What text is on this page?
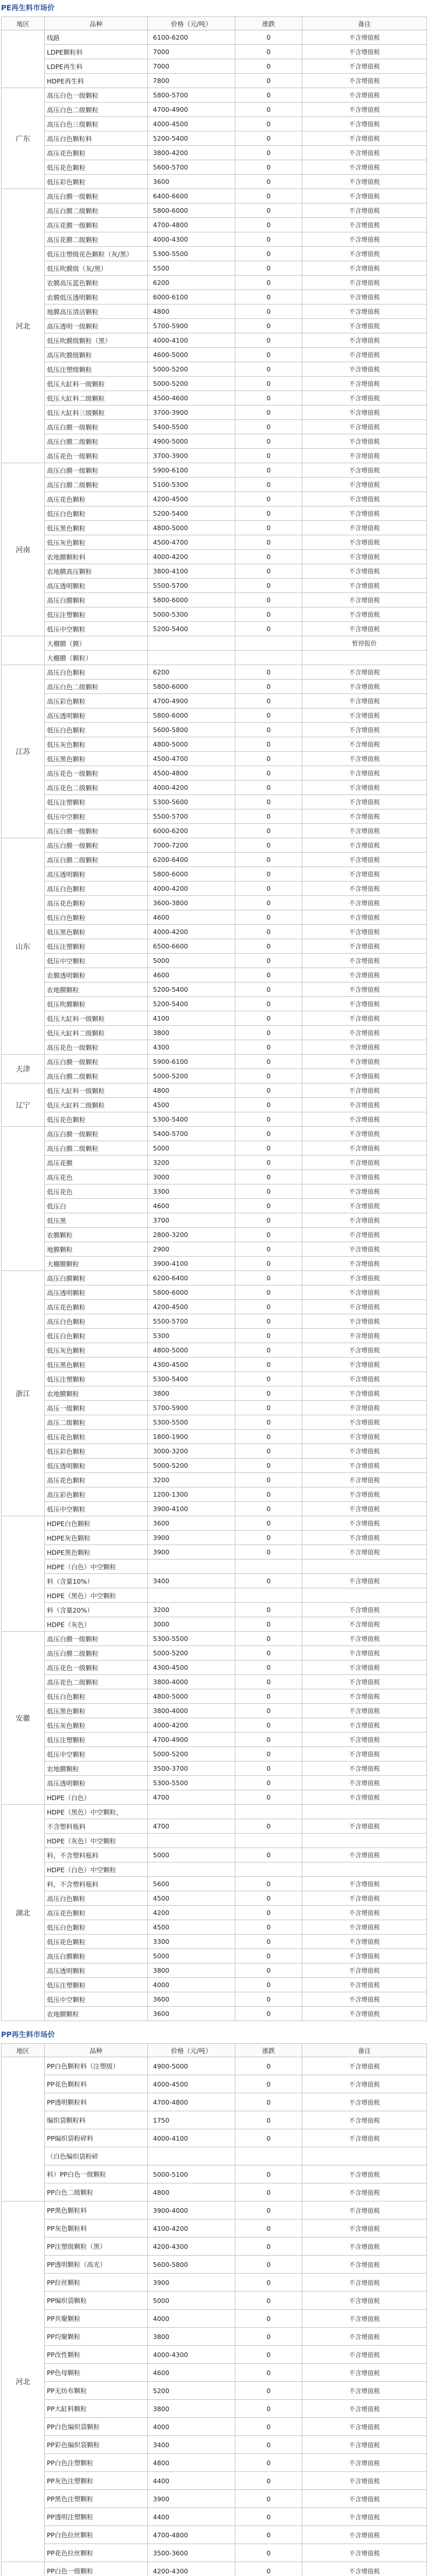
PE再生料市场价
地区	品种	价格（元/吨）	涨跌	备注
	线路	6100-6200	0	不含增值税
	LDPE颗粒料	7000	0	不含增值税
	LDPE再生料	7000	0	不含增值税
	HDPE再生料	7800	0	不含增值税
广东	高压白色一级颗粒	5800-5700	0	不含增值税
	高压白色二级颗粒	4700-4900	0	不含增值税
	高压白色三级颗粒	4000-4500	0	不含增值税
	高压白色颗粒料	5200-5400	0	不含增值税
	高压花色颗粒	3800-4200	0	不含增值税
	低压花色颗粒	5600-5700	0	不含增值税
	低压彩色颗粒	3600	0	不含增值税
河北	高压白膜一级颗粒	6400-6600	0	不含增值税
	高压白膜二级颗粒	5800-6000	0	不含增值税
	高压花膜一级颗粒	4700-4800	0	不含增值税
	高压花膜二级颗粒	4000-4300	0	不含增值税
	低压注塑级花色颗粒（灰/黑）	5300-5500	0	不含增值税
	低压吹膜级（灰/黑）	5500	0	不含增值税
	农膜高压蓝色颗粒	6200	0	不含增值税
	农膜低压透明颗粒	6000-6100	0	不含增值税
	地膜高压清洁颗粒	4800	0	不含增值税
	高压透明一级颗粒	5700-5900	0	不含增值税
	低压吹膜级颗粒（黑）	4000-4100	0	不含增值税
	高压吹膜级颗粒	4600-5000	0	不含增值税
	低压注塑级颗粒	5000-5200	0	不含增值税
	低压大缸料一级颗粒	5000-5200	0	不含增值税
	低压大缸料二级颗粒	4500-4600	0	不含增值税
	低压大缸料三级颗粒	3700-3900	0	不含增值税
	高压白膜一级颗粒	5400-5500	0	不含增值税
	高压白膜二级颗粒	4900-5000	0	不含增值税
	高压花色一级颗粒	3700-3900	0	不含增值税
河南	高压白膜一级颗粒	5900-6100	0	不含增值税
	高压白膜二级颗粒	5100-5300	0	不含增值税
	高压花色颗粒	4200-4500	0	不含增值税
	低压白色颗粒	5200-5400	0	不含增值税
	低压黑色颗粒	4800-5000	0	不含增值税
	低压灰色颗粒	4500-4700	0	不含增值税
	农地膜颗粒料	4000-4200	0	不含增值税
	农地膜高压颗粒	3800-4100	0	不含增值税
	高压透明颗粒	5500-5700	0	不含增值税
	高压白膜颗粒	5800-6000	0	不含增值税
	低压注塑颗粒	5000-5300	0	不含增值税
	低压中空颗粒	5200-5400	0	不含增值税
	大棚膜（膜）			暂停报价
	大棚膜（颗粒）			
江苏	高压白色颗粒	6200	0	不含增值税
	高压白色二级颗粒	5800-6000	0	不含增值税
	高压彩色颗粒	4700-4900	0	不含增值税
	高压透明颗粒	5800-6000	0	不含增值税
	低压白色颗粒	5600-5800	0	不含增值税
	低压灰色颗粒	4800-5000	0	不含增值税
	低压黑色颗粒	4500-4700	0	不含增值税
	高压花色一级颗粒	4500-4800	0	不含增值税
	高压花色二级颗粒	4000-4200	0	不含增值税
	低压注塑颗粒	5300-5600	0	不含增值税
	低压中空颗粒	5500-5700	0	不含增值税
	高压白膜一级颗粒	6000-6200	0	不含增值税
山东	高压白膜一级颗粒	7000-7200	0	不含增值税
	高压白膜二级颗粒	6200-6400	0	不含增值税
	高压透明颗粒	5800-6000	0	不含增值税
	高压白色颗粒	4000-4200	0	不含增值税
	高压花色颗粒	3600-3800	0	不含增值税
	低压白色颗粒	4600	0	不含增值税
	低压黑色颗粒	4000-4200	0	不含增值税
	低压注塑颗粒	6500-6600	0	不含增值税
	低压中空颗粒	5000	0	不含增值税
	农膜透明颗粒	4600	0	不含增值税
	农地膜颗粒	5200-5400	0	不含增值税
	低压吹膜颗粒	5200-5400	0	不含增值税
	低压大缸料一级颗粒	4100	0	不含增值税
	低压大缸料二级颗粒	3800	0	不含增值税
	高压花色一级颗粒	4300	0	不含增值税
天津	高压白膜一级颗粒	5900-6100	0	不含增值税
	高压白膜二级颗粒	5000-5200	0	不含增值税
辽宁	低压大缸料一级颗粒	4800	0	不含增值税
	低压大缸料二级颗粒	4500	0	不含增值税
	低压花色颗粒	5300-5400	0	不含增值税
	高压白膜一级颗粒	5400-5700	0	不含增值税
	高压白膜二级颗粒	5000	0	不含增值税
	高压花膜	3200	0	不含增值税
	高压花色	3000	0	不含增值税
	低压花色	3300	0	不含增值税
	低压白	4600	0	不含增值税
	低压黑	3700	0	不含增值税
	农膜颗粒	2800-3200	0	不含增值税
	地膜颗粒	2900	0	不含增值税
	大棚膜颗粒	3900-4100	0	不含增值税
浙江	高压白膜颗粒	6200-6400	0	不含增值税
	高压透明颗粒	5800-6000	0	不含增值税
	高压花色颗粒	4200-4500	0	不含增值税
	高压白色颗粒	5500-5700	0	不含增值税
	低压白色颗粒	5300	0	不含增值税
	低压灰色颗粒	4800-5000	0	不含增值税
	低压黑色颗粒	4300-4500	0	不含增值税
	低压注塑颗粒	5300-5400	0	不含增值税
	农地膜颗粒	3800	0	不含增值税
	高压一级颗粒	5700-5900	0	不含增值税
	高压二级颗粒	5300-5500	0	不含增值税
	低压花色颗粒	1800-1900	0	不含增值税
	低压彩色颗粒	3000-3200	0	不含增值税
	低压透明颗粒	5000-5200	0	不含增值税
	高压花色颗粒	3200	0	不含增值税
	高压彩色颗粒	1200-1300	0	不含增值税
	低压中空颗粒	3900-4100	0	不含增值税
	HDPE白色颗粒	3600	0	不含增值税
	HDPE灰色颗粒	3900	0	不含增值税
	HDPE黑色颗粒	3900	0	不含增值税
	HDPE（白色）中空颗粒			
	料（含量10%）	3400	0	不含增值税
	HDPE（黑色）中空颗粒			
	料（含量20%）	3200	0	不含增值税
	HDPE（灰色）	3000	0	不含增值税
安徽	高压白膜一级颗粒	5300-5500	0	不含增值税
	高压白膜二级颗粒	5000-5200	0	不含增值税
	高压花色一级颗粒	4300-4500	0	不含增值税
	高压花色二级颗粒	3800-4000	0	不含增值税
	低压白色颗粒	4800-5000	0	不含增值税
	低压黑色颗粒	3800-4000	0	不含增值税
	低压灰色颗粒	4000-4200	0	不含增值税
	低压注塑颗粒	4700-4900	0	不含增值税
	低压中空颗粒	5000-5200	0	不含增值税
	农地膜颗粒	3500-3700	0	不含增值税
	高压透明颗粒	5300-5500	0	不含增值税
	HDPE（白色）	4700	0	不含增值税
湖北	HDPE（黑色）中空颗粒，			
	不含塑料瓶料	4700	0	不含增值税
	HDPE（灰色）中空颗粒			
	料，不含塑料瓶料	5000	0	不含增值税
	HDPE（白色）中空颗粒			
	料，不含塑料瓶料	5600	0	不含增值税
	高压白色颗粒	4500	0	不含增值税
	高压花色颗粒	4200	0	不含增值税
	低压白色颗粒	4500	0	不含增值税
	低压花色颗粒	3300	0	不含增值税
	高压白膜颗粒	5000	0	不含增值税
	高压透明颗粒	3800	0	不含增值税
	低压注塑颗粒	4000	0	不含增值税
	低压中空颗粒	3600	0	不含增值税
	农地膜颗粒	3600	0	不含增值税
PP再生料市场价
地区	品种	价格（元/吨）	涨跌	备注
	PP白色颗粒料（注塑级）	4900-5000	0	不含增值税
	PP花色颗粒料	4000-4500	0	不含增值税
	PP透明颗粒料	4700-4800	0	不含增值税
	编织袋颗粒料	1750	0	不含增值税
	PP编织袋粉碎料	4000-4100	0	不含增值税
	（白色编织袋粉碎			
	料）PP白色一级颗粒	5000-5100	0	不含增值税
	PP白色二级颗粒	4800	0	不含增值税
河北	PP黑色颗粒料	3900-4000	0	不含增值税
	PP灰色颗粒料	4100-4200	0	不含增值税
	PP注塑级颗粒（黑）	4200-4300	0	不含增值税
	PP透明颗粒（高光）	5600-5800	0	不含增值税
	PP拉丝颗粒	3900	0	不含增值税
	PP编织袋颗粒	5000	0	不含增值税
	PP共聚颗粒	4000	0	不含增值税
	PP均聚颗粒	3800	0	不含增值税
	PP改性颗粒	4000-4300	0	不含增值税
	PP色母颗粒	4600	0	不含增值税
	PP无纺布颗粒	5200	0	不含增值税
	PP大缸料颗粒	3800	0	不含增值税
	PP白色编织袋颗粒	4000	0	不含增值税
	PP彩色编织袋颗粒	3400	0	不含增值税
	PP白色注塑颗粒	4800	0	不含增值税
	PP灰色注塑颗粒	4400	0	不含增值税
	PP黑色注塑颗粒	3900	0	不含增值税
	PP透明注塑颗粒	4400	0	不含增值税
	PP白色拉丝颗粒	4700-4800	0	不含增值税
	PP花色拉丝颗粒	3500-3600	0	不含增值税
	PP白色一级颗粒	4200-4300	0	不含增值税
